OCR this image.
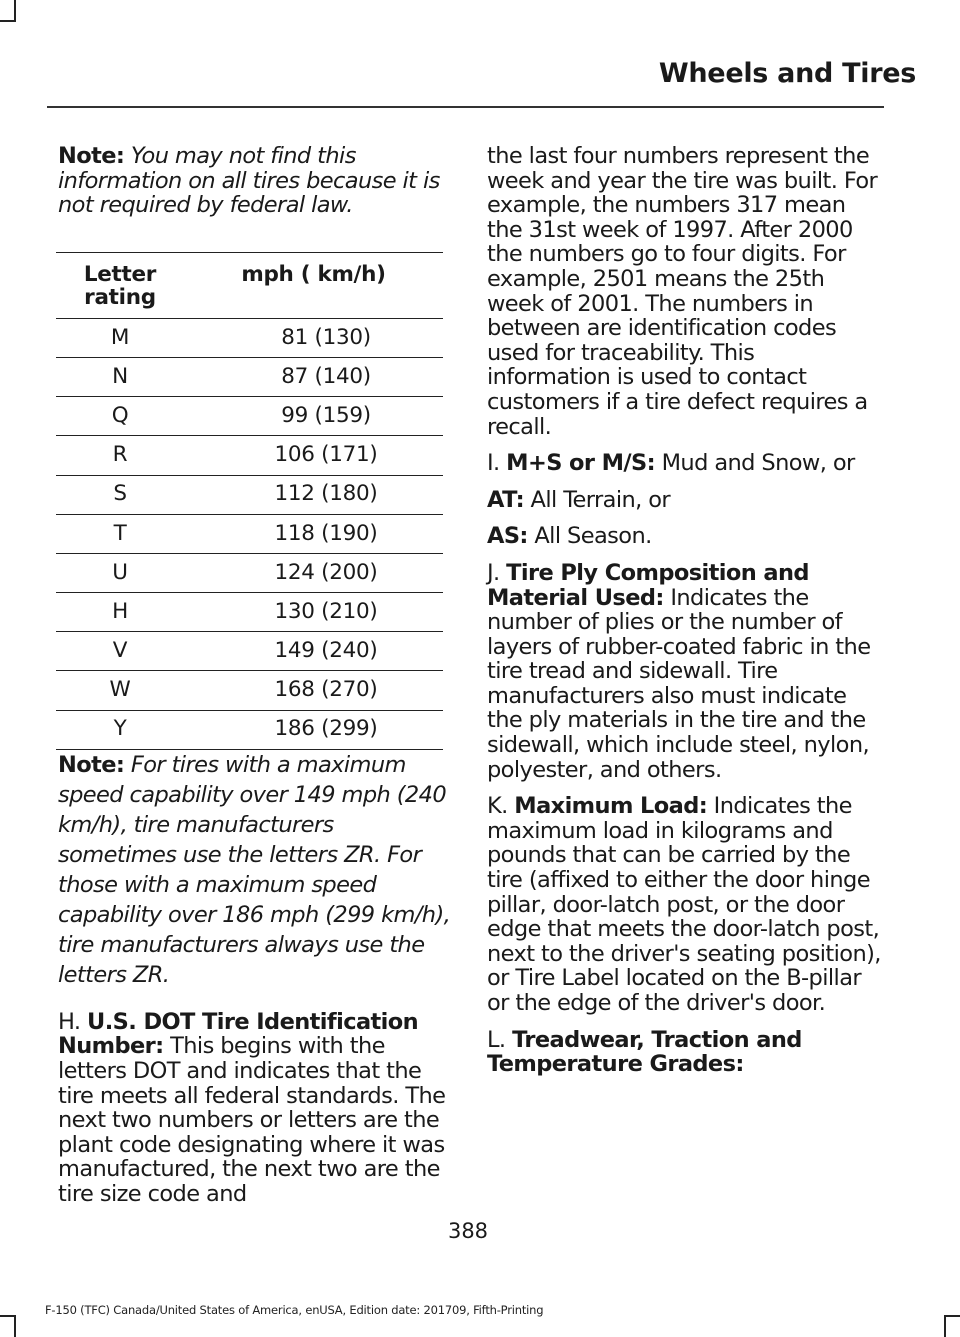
Wheels and Tires

Note: You may not find this information on all tires because it is not required by federal law.

Letter rating	mph ( km/h)
M	81 (130)
N	87 (140)
Q	99 (159)
R	106 (171)
S	112 (180)
T	118 (190)
U	124 (200)
H	130 (210)
V	149 (240)
W	168 (270)
Y	186 (299)

Note: For tires with a maximum speed capability over 149 mph (240 km/h), tire manufacturers sometimes use the letters ZR. For those with a maximum speed capability over 186 mph (299 km/h), tire manufacturers always use the letters ZR.

H. U.S. DOT Tire Identification Number: This begins with the letters DOT and indicates that the tire meets all federal standards. The next two numbers or letters are the plant code designating where it was manufactured, the next two are the tire size code and

the last four numbers represent the week and year the tire was built. For example, the numbers 317 mean the 31st week of 1997. After 2000 the numbers go to four digits. For example, 2501 means the 25th week of 2001. The numbers in between are identification codes used for traceability. This information is used to contact customers if a tire defect requires a recall.

I. M+S or M/S: Mud and Snow, or

AT: All Terrain, or

AS: All Season.

J. Tire Ply Composition and Material Used: Indicates the number of plies or the number of layers of rubber-coated fabric in the tire tread and sidewall. Tire manufacturers also must indicate the ply materials in the tire and the sidewall, which include steel, nylon, polyester, and others.

K. Maximum Load: Indicates the maximum load in kilograms and pounds that can be carried by the tire (affixed to either the door hinge pillar, door-latch post, or the door edge that meets the door-latch post, next to the driver's seating position), or Tire Label located on the B-pillar or the edge of the driver's door.

L. Treadwear, Traction and Temperature Grades:

388
F-150 (TFC) Canada/United States of America, enUSA, Edition date: 201709, Fifth-Printing
